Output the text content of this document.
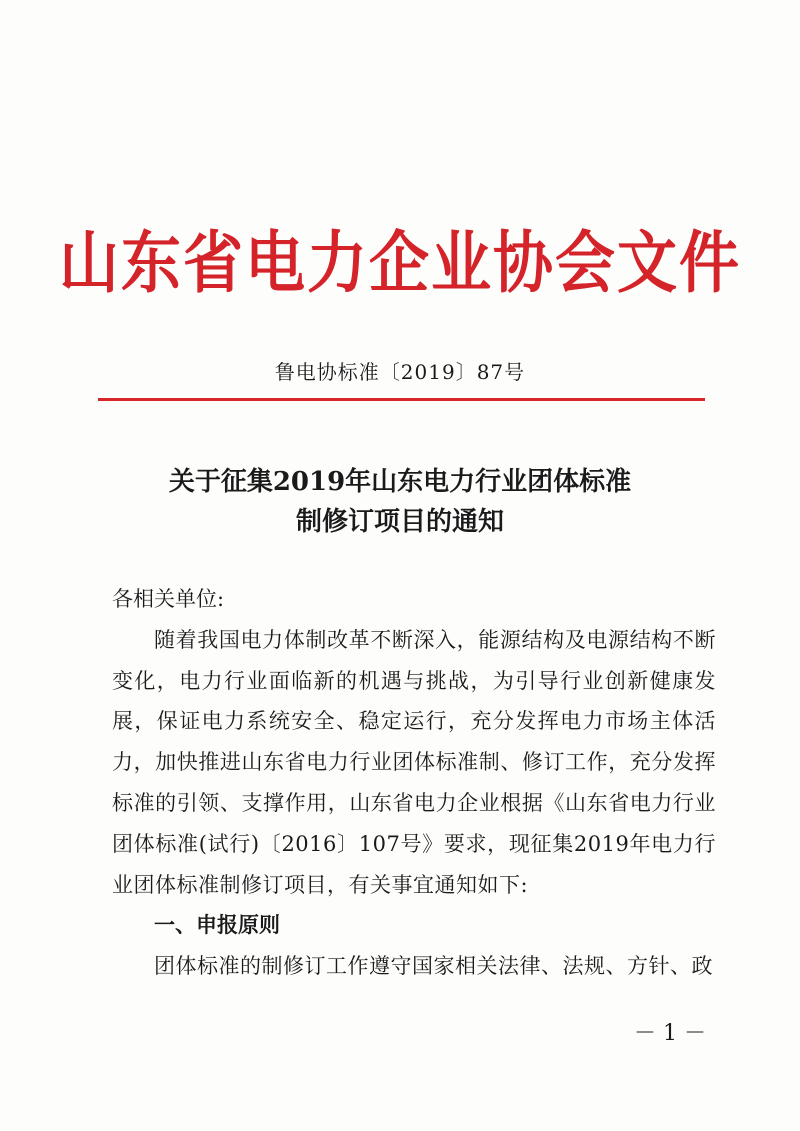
山东省电力企业协会文件
鲁电协标准〔2019〕87号
关于征集2019年山东电力行业团体标准
制修订项目的通知

各相关单位:

随着我国电力体制改革不断深入，能源结构及电源结构不断变化，电力行业面临新的机遇与挑战，为引导行业创新健康发展，保证电力系统安全、稳定运行，充分发挥电力市场主体活力，加快推进山东省电力行业团体标准制、修订工作，充分发挥标准的引领、支撑作用，山东省电力企业根据《山东省电力行业团体标准(试行)〔2016〕107号》要求，现征集2019年电力行业团体标准制修订项目，有关事宜通知如下:

一、申报原则

团体标准的制修订工作遵守国家相关法律、法规、方针、政

－ 1 －
